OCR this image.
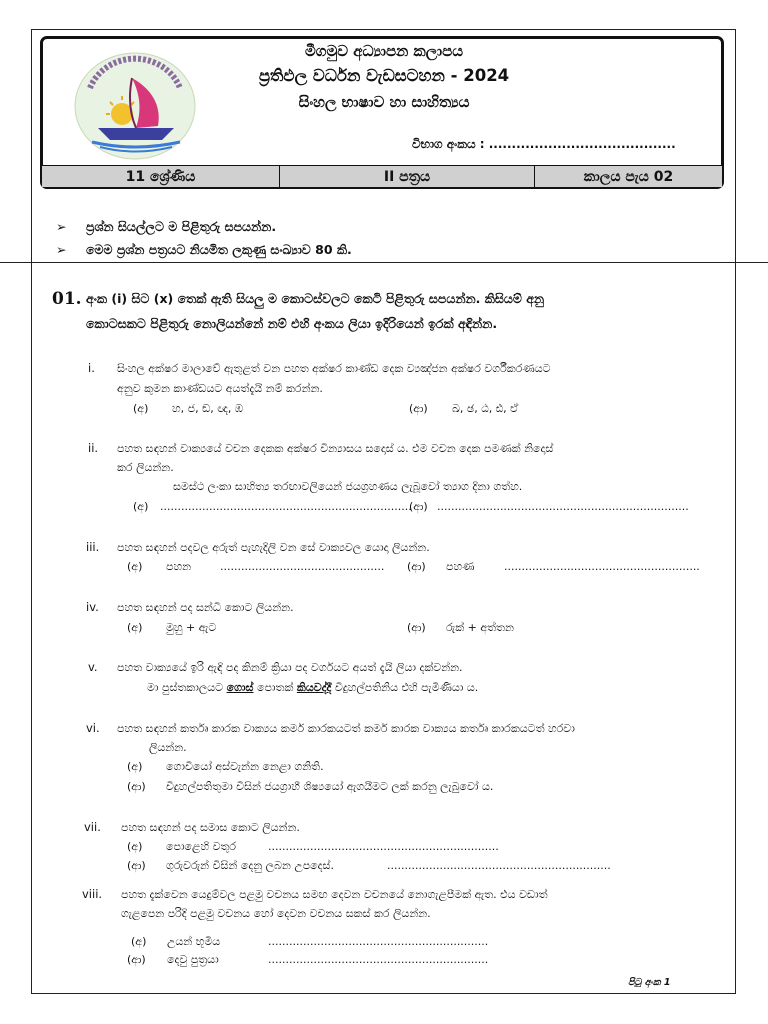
මීගමුව අධ්‍යාපන කලාපය
ප්‍රතිඵල වර්ධන වැඩසටහන - 2024
සිංහල භාෂාව හා සාහිත්‍යය
විභාග අංකය : .........................................
11 ශ්‍රේණිය	II පත්‍රය	කාලය පැය 02
➢ ප්‍රශ්න සියල්ලට ම පිළිතුරු සපයන්න.
➢ මෙම ප්‍රශ්න පත්‍රයට නියමිත ලකුණු සංඛ්‍යාව 80 කි.
01. අංක (i) සිට (x) තෙක් ඇති සියලු ම කොටස්වලට කෙටි පිළිතුරු සපයන්න. කිසියම් අනු
කොටසකට පිළිතුරු නොලියන්නේ නම් එහි අංකය ලියා ඉදිරියෙන් ඉරක් අඳින්න.
i. සිංහල අක්ෂර මාලාවේ ඇතුළත් වන පහත අක්ෂර කාණ්ඩ දෙක ව්‍යඤ්ජන අක්ෂර වර්ගීකරණයට
අනුව කුමන කාණ්ඩයට අයත්දැයි නම් කරන්න.
(අ) හ, ජ, ඞ, ඥ, ඹ	(ආ) ඛ, ඡ, ඨ, ඪ, ඒ
ii. පහත සඳහන් වාක්‍යයේ වචන දෙකක අක්ෂර වින්‍යාසය සදොස් ය. එම වචන දෙක පමණක් නිදොස්
කර ලියන්න.
සමස්ථ ලංකා සාහිත්‍ය තරඟාවලියෙන් ජයග්‍රහණය ලැබූවෝ ත්‍යාග දිනා ගත්හ.
(අ) ........................................................................
(ආ) ........................................................................
iii. පහත සඳහන් පදවල අරුත් පැහැදිලි වන සේ වාක්‍යවල යොදා ලියන්න.
(අ) පහන	............................................... (ආ) පහණ	........................................................
iv. පහත සඳහන් පද සන්ධි කොට ලියන්න.
(අ) මුහු + ඇට	(ආ) රුක් + අත්තන
v. පහත වාක්‍යයේ ඉරි ඇඳි පද කිනම් ක්‍රියා පද වර්ගයට අයත් දැයි ලියා දක්වන්න.
මා පුස්තකාලයට ගොස් පොතක් කියවද්දී විදුහල්පතිනිය එහි පැමිණියා ය.
vi. පහත සඳහන් කර්තෘ කාරක වාක්‍යය කර්ම කාරකයටත් කර්ම කාරක වාක්‍යය කර්තෘ කාරකයටත් හරවා
ලියන්න.
(අ) ගොවියෝ අස්වැන්න නෙළා ගනිති.
(ආ) විදුහල්පතිතුමා විසින් ජයග්‍රාහී ශිෂ්‍යයෝ ඇගයීමට ලක් කරනු ලැබුවෝ ය.
vii. පහත සඳහන් පද සමාස කොට ලියන්න.
(අ) පොළෙහි වතුර	..................................................................
(ආ) ගුරුවරුන් විසින් දෙනු ලබන උපදෙස්.	................................................................
viii. පහත දැක්වෙන යෙදුම්වල පළමු වචනය සමඟ දෙවන වචනයේ නොගැළපීමක් ඇත. එය වඩාත්
ගැළපෙන පරිදි පළමු වචනය හෝ දෙවන වචනය සකස් කර ලියන්න.
(අ) උයන් භූමිය	...............................................................
(ආ) දෙවු පුත්‍රයා	...............................................................
පිටු අංක 1
